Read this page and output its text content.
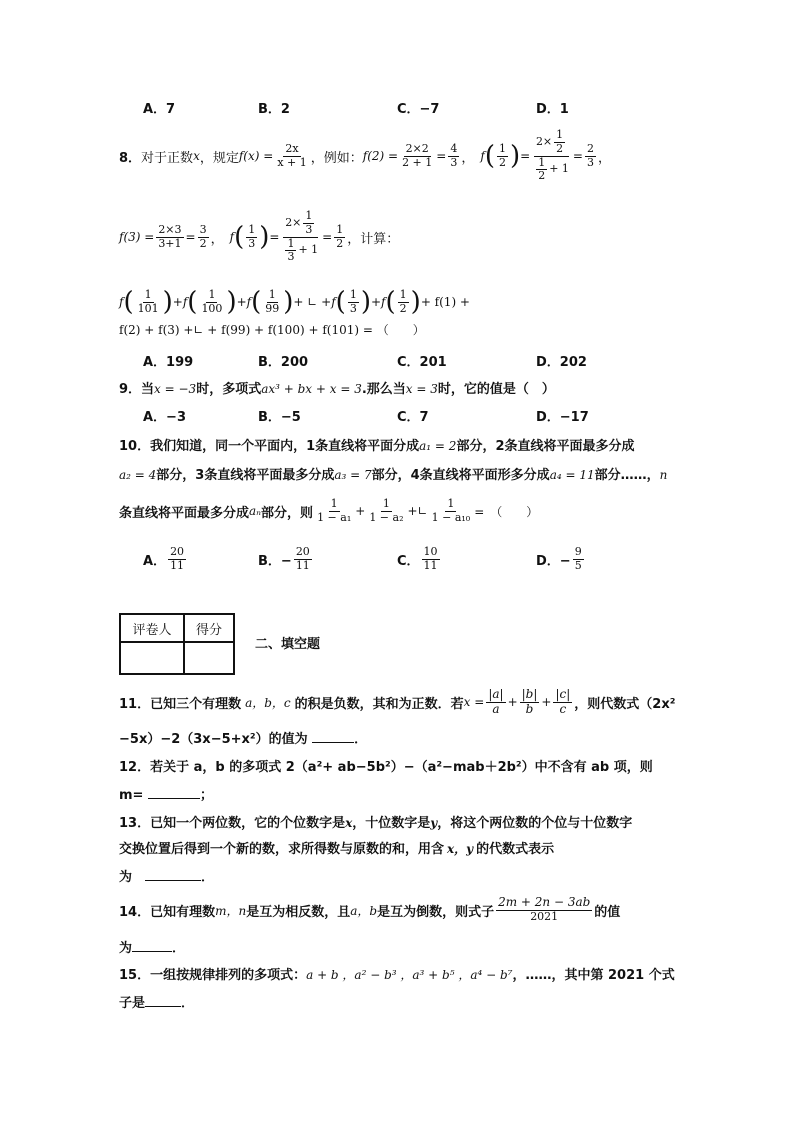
A．7	B．2	C．−7	D．1
8． 对于正数 x ，规定 $f(x) = \frac{2x}{x + 1}$ ，例如： $f(2) = \frac{2\times 2}{2 + 1} = \frac{4}{3}$ ， f ( $\frac{1}{2}$ ) = $\frac{2\times \frac{1}{2}}{\frac{1}{2} + 1} = \frac{2}{3}$ ，
$f(3) = \frac{2\times 3}{3+1} = \frac{3}{2}$ ， f ( $\frac{1}{3}$ ) = $\frac{2\times \frac{1}{3}}{\frac{1}{3} + 1} = \frac{1}{2}$ ，计算：
f ( $\frac{1}{101}$ ) + f ( $\frac{1}{100}$ ) + f ( $\frac{1}{99}$ ) + ∟ + f ( $\frac{1}{3}$ ) + f ( $\frac{1}{2}$ ) + f(1) +
f(2) + f(3) +∟ + f(99) + f(100) + f(101) = （　　）
A．199	B．200	C．201	D．202
9．当x = −3时，多项式ax³ + bx + x = 3.那么当x = 3时，它的值是（　）
A．−3	B．−5	C．7	D．−17
10．我们知道，同一个平面内，1条直线将平面分成a₁ = 2部分，2条直线将平面最多分成
a₂ = 4部分，3条直线将平面最多分成a₃ = 7部分，4条直线将平面形多分成a₄ = 11部分……，n
条直线将平面最多分成 aₙ 部分，则 $\frac{1}{\text{1 − a₁}} + \frac{1}{\text{1 − a₂}}$ +∟ $\frac{1}{\text{1 − a₁₀}}$ =　（　　）
A． $\frac{20}{11}$	B．− $\frac{20}{11}$	C． $\frac{10}{11}$	D．− $\frac{9}{5}$
评卷人	得分

二、填空题
11．已知三个有理数 a，b，c 的积是负数，其和为正数．若 $x = \frac{|a|}{a} + \frac{|b|}{b} + \frac{|c|}{c}$ ，则代数式（2x²
−5x）−2（3x−5+x²）的值为	．
12．若关于 a，b 的多项式 2（a²+ ab−5b²）−（a²−mab＋2b²）中不含有 ab 项，则
m=	；
13．已知一个两位数，它的个位数字是x，十位数字是y，将这个两位数的个位与十位数字
交换位置后得到一个新的数，求所得数与原数的和，用含 x，y 的代数式表示
为　	．
14．已知有理数 m，n 是互为相反数，且 a，b 是互为倒数，则式子 $\frac{2m + 2n - 3ab}{2021}$ 的值
为	．
15．一组按规律排列的多项式：a + b ，a² − b³ ，a³ + b⁵ ，a⁴ − b⁷，……，其中第 2021 个式
子是	．
